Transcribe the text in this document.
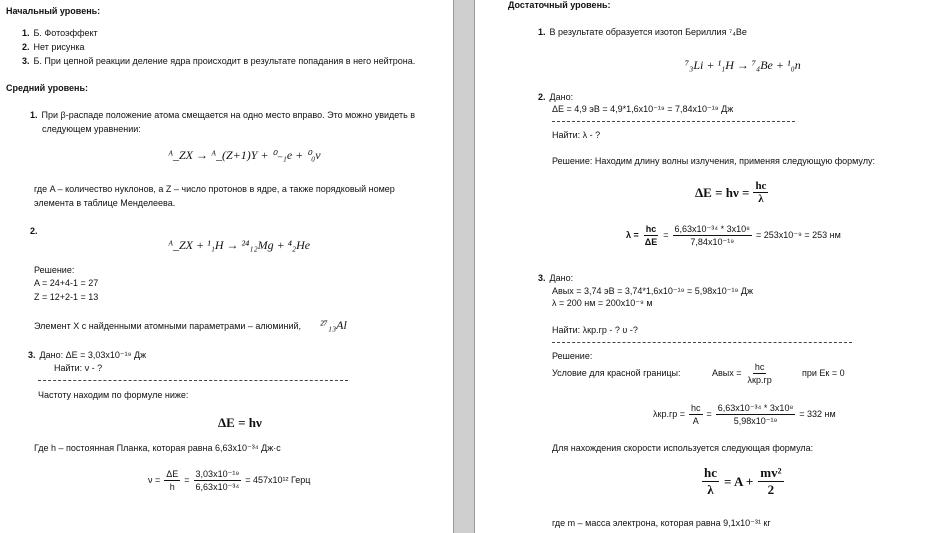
Начальный уровень:
1. Б. Фотоэффект
2. Нет рисунка
3. Б. При цепной реакции деление ядра происходит в результате попадания в него нейтрона.
Средний уровень:
1. При β-распаде положение атома смещается на одно место вправо. Это можно увидеть в
следующем уравнении:
ᴬ_ZX → ᴬ_(Z+1)Y + ⁰₋₁e + ⁰₀ν
где A – количество нуклонов, а Z – число протонов в ядре, а также порядковый номер
элемента в таблице Менделеева.
2.
ᴬ_ZX + ¹₁H → ²⁴₁₂Mg + ⁴₂He
Решение:
A = 24+4-1 = 27
Z = 12+2-1 = 13
Элемент X с найденными атомными параметрами – алюминий, ²⁷₁₃Al
3. Дано: ΔE = 3,03x10⁻¹⁹ Дж
Найти: ν - ?
Частоту находим по формуле ниже:
ΔE = hν
Где h – постоянная Планка, которая равна 6,63x10⁻³⁴ Дж·с
$\nu = \frac{\Delta E}{h} = \frac{\text{3,03x10⁻¹⁹}}{\text{6,63x10⁻³⁴}} = 457x10^{12}$ Герц
Достаточный уровень:
1. В результате образуется изотоп Бериллия ⁷₄Be
⁷₃Li + ¹₁H → ⁷₄Be + ¹₀n
2. Дано:
ΔE = 4,9 эВ = 4,9*1,6x10⁻¹⁹ = 7,84x10⁻¹⁹ Дж
Найти: λ - ?
Решение: Находим длину волны излучения, применяя следующую формулу:
$\Delta E = h\nu = \frac{hc}{\lambda}$
$\lambda = \frac{hc}{\Delta E} = \frac{\text{6,63x10⁻³⁴ * 3x10⁸}}{\text{7,84x10⁻¹⁹}} = 253x10^{-9} = 253$ нм
3. Дано:
Aвых = 3,74 эВ = 3,74*1,6x10⁻¹⁹ = 5,98x10⁻¹⁹ Дж
λ = 200 нм = 200x10⁻⁹ м
Найти: λкр.гр - ? υ -?
Решение:
Условие для красной границы:	Aвых = $\frac{hc}{\text{λкр.гр}}$	при Eк = 0
$\lambda кр.гр = \frac{hc}{A} = \frac{\text{6,63x10⁻³⁴ * 3x10⁸}}{\text{5,98x10⁻¹⁹}} = 332$ нм
Для нахождения скорости используется следующая формула:
$\frac{hc}{\lambda} = A + \frac{\text{mv²}}{2}$
где m – масса электрона, которая равна 9,1x10⁻³¹ кг
